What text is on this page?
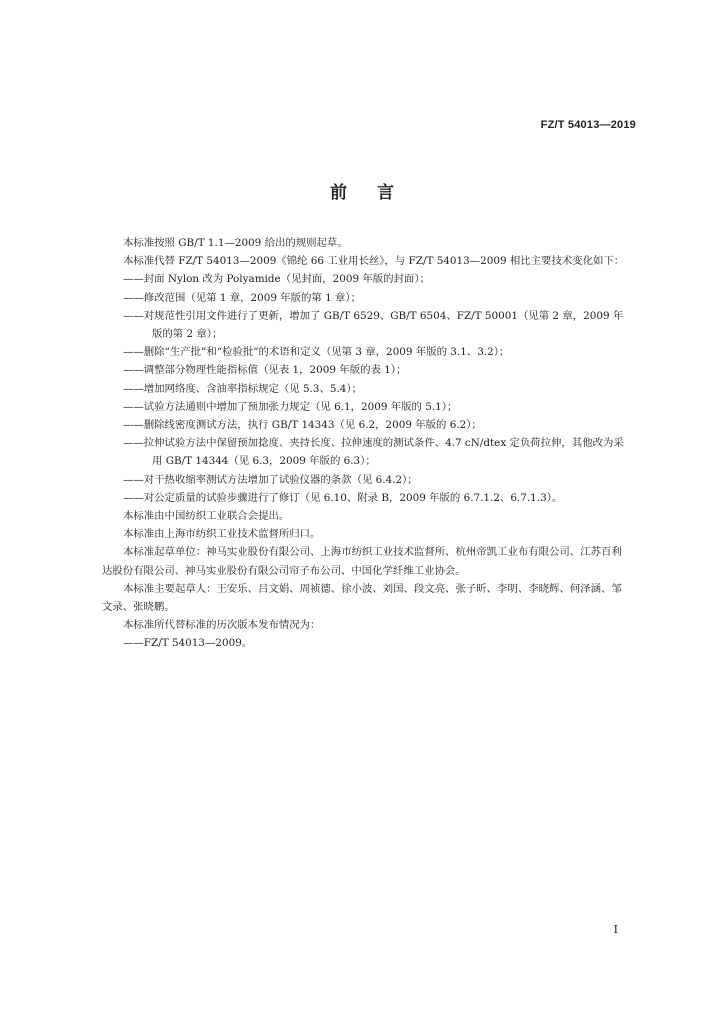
FZ/T 54013—2019
前言
本标准按照 GB/T 1.1—2009 给出的规则起草。
本标准代替 FZ/T 54013—2009《锦纶 66 工业用长丝》，与 FZ/T 54013—2009 相比主要技术变化如下：
——封面 Nylon 改为 Polyamide（见封面，2009 年版的封面）；
——修改范围（见第 1 章，2009 年版的第 1 章）；
——对规范性引用文件进行了更新，增加了 GB/T 6529、GB/T 6504、FZ/T 50001（见第 2 章，2009 年版的第 2 章）；
——删除“生产批”和“检验批”的术语和定义（见第 3 章，2009 年版的 3.1、3.2）；
——调整部分物理性能指标值（见表 1，2009 年版的表 1）；
——增加网络度、含油率指标规定（见 5.3、5.4）；
——试验方法通则中增加了预加张力规定（见 6.1，2009 年版的 5.1）；
——删除线密度测试方法，执行 GB/T 14343（见 6.2，2009 年版的 6.2）；
——拉伸试验方法中保留预加捻度、夹持长度、拉伸速度的测试条件、4.7 cN/dtex 定负荷拉伸，其他改为采用 GB/T 14344（见 6.3，2009 年版的 6.3）；
——对干热收缩率测试方法增加了试验仪器的条款（见 6.4.2）；
——对公定质量的试验步骤进行了修订（见 6.10、附录 B，2009 年版的 6.7.1.2、6.7.1.3）。
本标准由中国纺织工业联合会提出。
本标准由上海市纺织工业技术监督所归口。
本标准起草单位：神马实业股份有限公司、上海市纺织工业技术监督所、杭州帝凯工业布有限公司、江苏百利达股份有限公司、神马实业股份有限公司帘子布公司、中国化学纤维工业协会。
本标准主要起草人：王安乐、吕文娟、周祯德、徐小波、刘国、段文亮、张子昕、李明、李晓辉、何泽涵、邹文录、张晓鹏。
本标准所代替标准的历次版本发布情况为：
——FZ/T 54013—2009。
I
